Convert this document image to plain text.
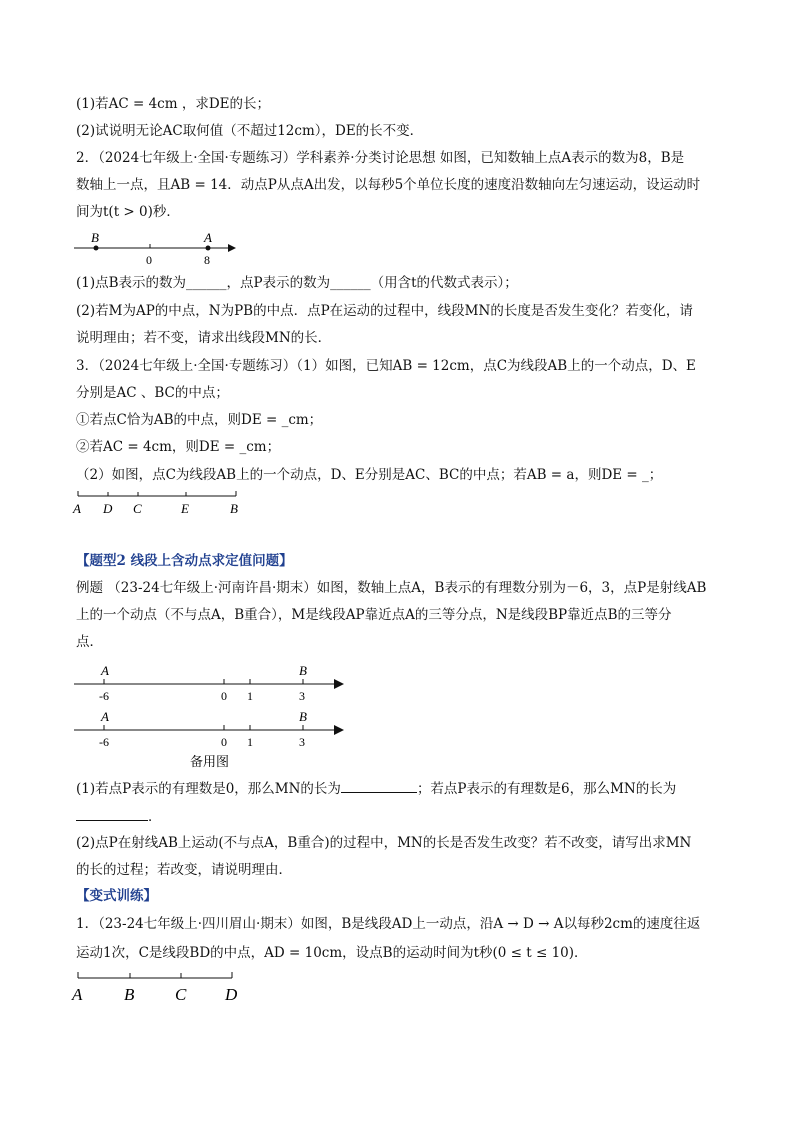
(1)若AC = 4cm ，求DE的长；
(2)试说明无论AC取何值（不超过12cm），DE的长不变．
2．（2024七年级上·全国·专题练习）学科素养·分类讨论思想 如图，已知数轴上点A表示的数为8，B是
数轴上一点，且AB = 14．动点P从点A出发，以每秒5个单位长度的速度沿数轴向左匀速运动，设运动时
间为t(t > 0)秒．
B	A
0	8
(1)点B表示的数为______，点P表示的数为______（用含t的代数式表示）；
(2)若M为AP的中点，N为PB的中点．点P在运动的过程中，线段MN的长度是否发生变化？若变化，请
说明理由；若不变，请求出线段MN的长．
3．（2024七年级上·全国·专题练习）（1）如图，已知AB = 12cm，点C为线段AB上的一个动点，D、E
分别是AC 、BC的中点；
①若点C恰为AB的中点，则DE = _cm；
②若AC = 4cm，则DE = _cm；
（2）如图，点C为线段AB上的一个动点，D、E分别是AC、BC的中点；若AB = a，则DE = _；
A D C	E	B
【题型2 线段上含动点求定值问题】
例题 （23-24七年级上·河南许昌·期末）如图，数轴上点A，B表示的有理数分别为－6，3，点P是射线AB
上的一个动点（不与点A，B重合），M是线段AP靠近点A的三等分点，N是线段BP靠近点B的三等分
点．
A	B
-6	0 1	3
A	B
-6	0 1	3
备用图
(1)若点P表示的有理数是0，那么MN的长为	；若点P表示的有理数是6，那么MN的长为
．
(2)点P在射线AB上运动(不与点A，B重合)的过程中，MN的长是否发生改变？若不改变，请写出求MN
的长的过程；若改变，请说明理由．
【变式训练】
1．（23-24七年级上·四川眉山·期末）如图，B是线段AD上一动点，沿A → D → A以每秒2cm的速度往返
运动1次，C是线段BD的中点，AD = 10cm，设点B的运动时间为t秒(0 ≤ t ≤ 10)．
A B C D
